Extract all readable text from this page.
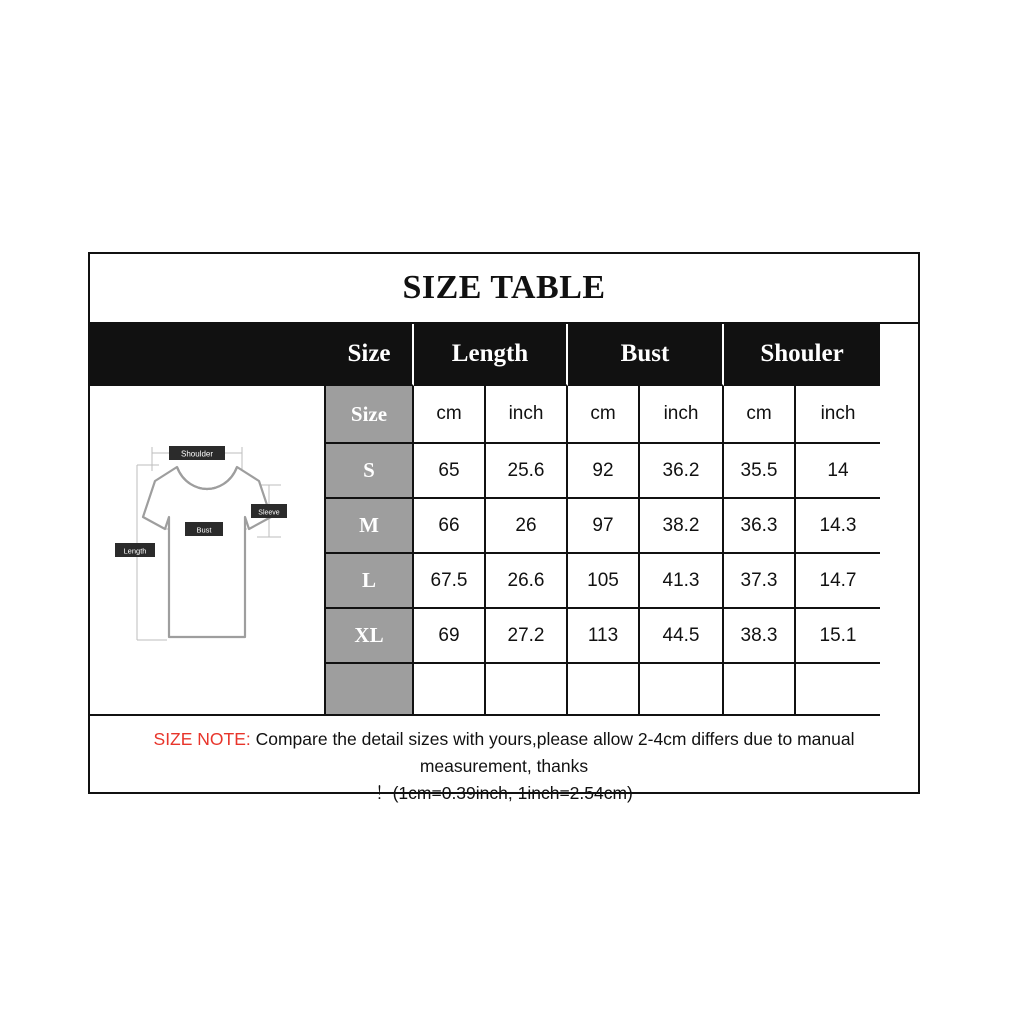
SIZE TABLE
Size	Length	Bust	Shouler
Shoulder
Sleeve
Bust
Length
Size	cm	inch	cm	inch	cm	inch
S	65	25.6	92	36.2	35.5	14
M	66	26	97	38.2	36.3	14.3
L	67.5	26.6	105	41.3	37.3	14.7
XL	69	27.2	113	44.5	38.3	15.1
SIZE NOTE: Compare the detail sizes with yours,please allow 2-4cm differs due to manual measurement, thanks
！(1cm=0.39inch, 1inch=2.54cm)
